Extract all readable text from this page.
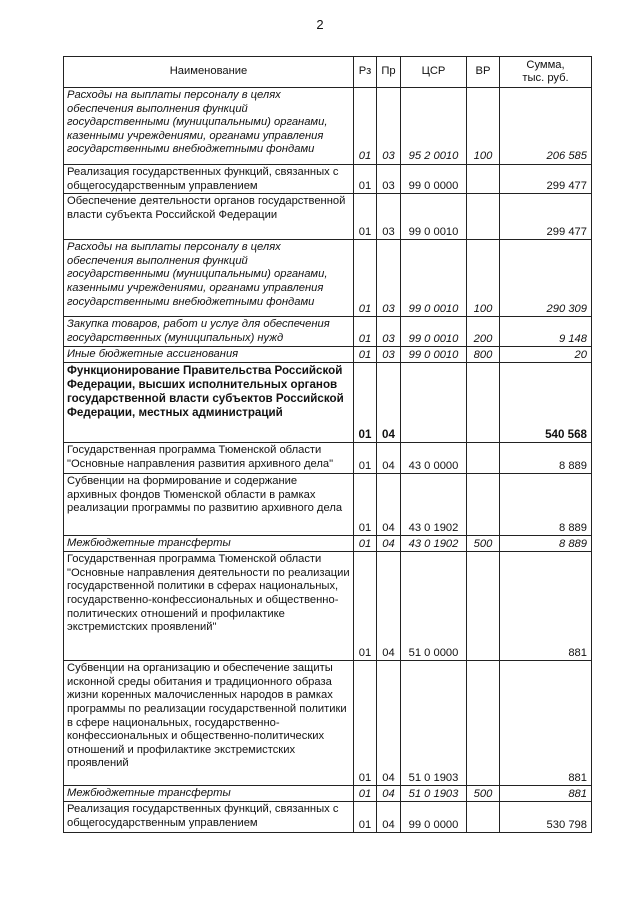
2
Наименование	Рз	Пр	ЦСР	ВР	Сумма,
тыс. руб.
Расходы на выплаты персоналу в целях обеспечения выполнения функций государственными (муниципальными) органами, казенными учреждениями, органами управления государственными внебюджетными фондами	01	03	95 2 0010	100	206 585
Реализация государственных функций, связанных с общегосударственным управлением	01	03	99 0 0000		299 477
Обеспечение деятельности органов государственной власти субъекта Российской Федерации	01	03	99 0 0010		299 477
Расходы на выплаты персоналу в целях обеспечения выполнения функций государственными (муниципальными) органами, казенными учреждениями, органами управления государственными внебюджетными фондами	01	03	99 0 0010	100	290 309
Закупка товаров, работ и услуг для обеспечения государственных (муниципальных) нужд	01	03	99 0 0010	200	9 148
Иные бюджетные ассигнования	01	03	99 0 0010	800	20
Функционирование Правительства Российской Федерации, высших исполнительных органов государственной власти субъектов Российской Федерации, местных администраций	01	04			540 568
Государственная программа Тюменской области "Основные направления развития архивного дела"	01	04	43 0 0000		8 889
Субвенции на формирование и содержание архивных фондов Тюменской области в рамках реализации программы по развитию архивного дела	01	04	43 0 1902		8 889
Межбюджетные трансферты	01	04	43 0 1902	500	8 889
Государственная программа Тюменской области "Основные направления деятельности по реализации государственной политики в сферах национальных, государственно-конфессиональных и общественно-политических отношений и профилактике экстремистских проявлений"	01	04	51 0 0000		881
Субвенции на организацию и обеспечение защиты исконной среды обитания и традиционного образа жизни коренных малочисленных народов в рамках программы по реализации государственной политики в сфере национальных, государственно-конфессиональных и общественно-политических отношений и профилактике экстремистских проявлений	01	04	51 0 1903		881
Межбюджетные трансферты	01	04	51 0 1903	500	881
Реализация государственных функций, связанных с общегосударственным управлением	01	04	99 0 0000		530 798
